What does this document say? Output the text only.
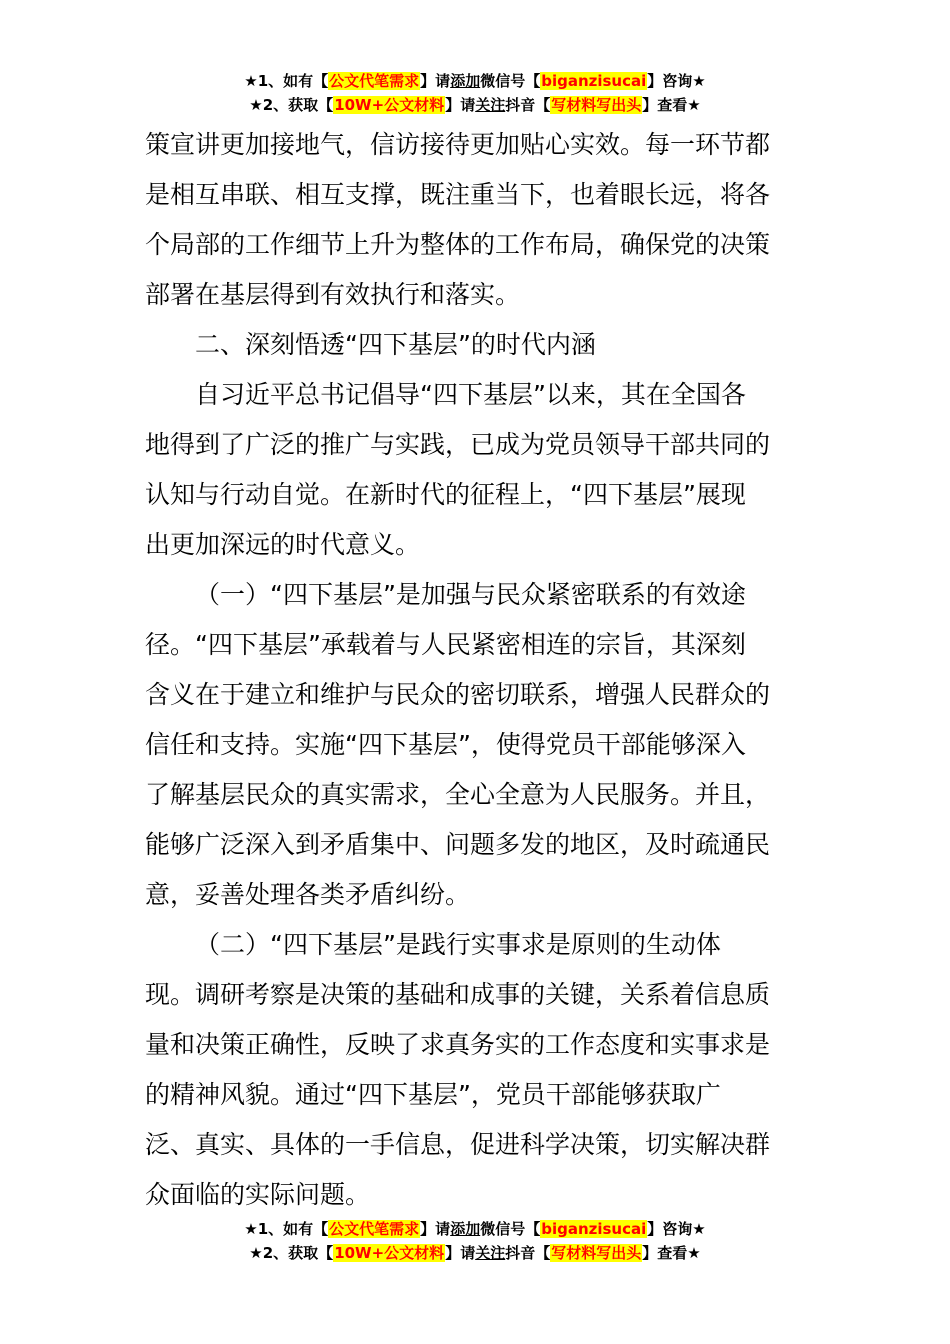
★1、如有【公文代笔需求】请添加微信号【biganzisucai】咨询★
★2、获取【10W+公文材料】请关注抖音【写材料写出头】查看★
策宣讲更加接地气，信访接待更加贴心实效。每一环节都
是相互串联、相互支撑，既注重当下，也着眼长远，将各
个局部的工作细节上升为整体的工作布局，确保党的决策
部署在基层得到有效执行和落实。
二、深刻悟透“四下基层”的时代内涵
自习近平总书记倡导“四下基层”以来，其在全国各
地得到了广泛的推广与实践，已成为党员领导干部共同的
认知与行动自觉。在新时代的征程上，“四下基层”展现
出更加深远的时代意义。
（一）“四下基层”是加强与民众紧密联系的有效途
径。“四下基层”承载着与人民紧密相连的宗旨，其深刻
含义在于建立和维护与民众的密切联系，增强人民群众的
信任和支持。实施“四下基层”，使得党员干部能够深入
了解基层民众的真实需求，全心全意为人民服务。并且，
能够广泛深入到矛盾集中、问题多发的地区，及时疏通民
意，妥善处理各类矛盾纠纷。
（二）“四下基层”是践行实事求是原则的生动体
现。调研考察是决策的基础和成事的关键，关系着信息质
量和决策正确性，反映了求真务实的工作态度和实事求是
的精神风貌。通过“四下基层”，党员干部能够获取广
泛、真实、具体的一手信息，促进科学决策，切实解决群
众面临的实际问题。
★1、如有【公文代笔需求】请添加微信号【biganzisucai】咨询★
★2、获取【10W+公文材料】请关注抖音【写材料写出头】查看★
